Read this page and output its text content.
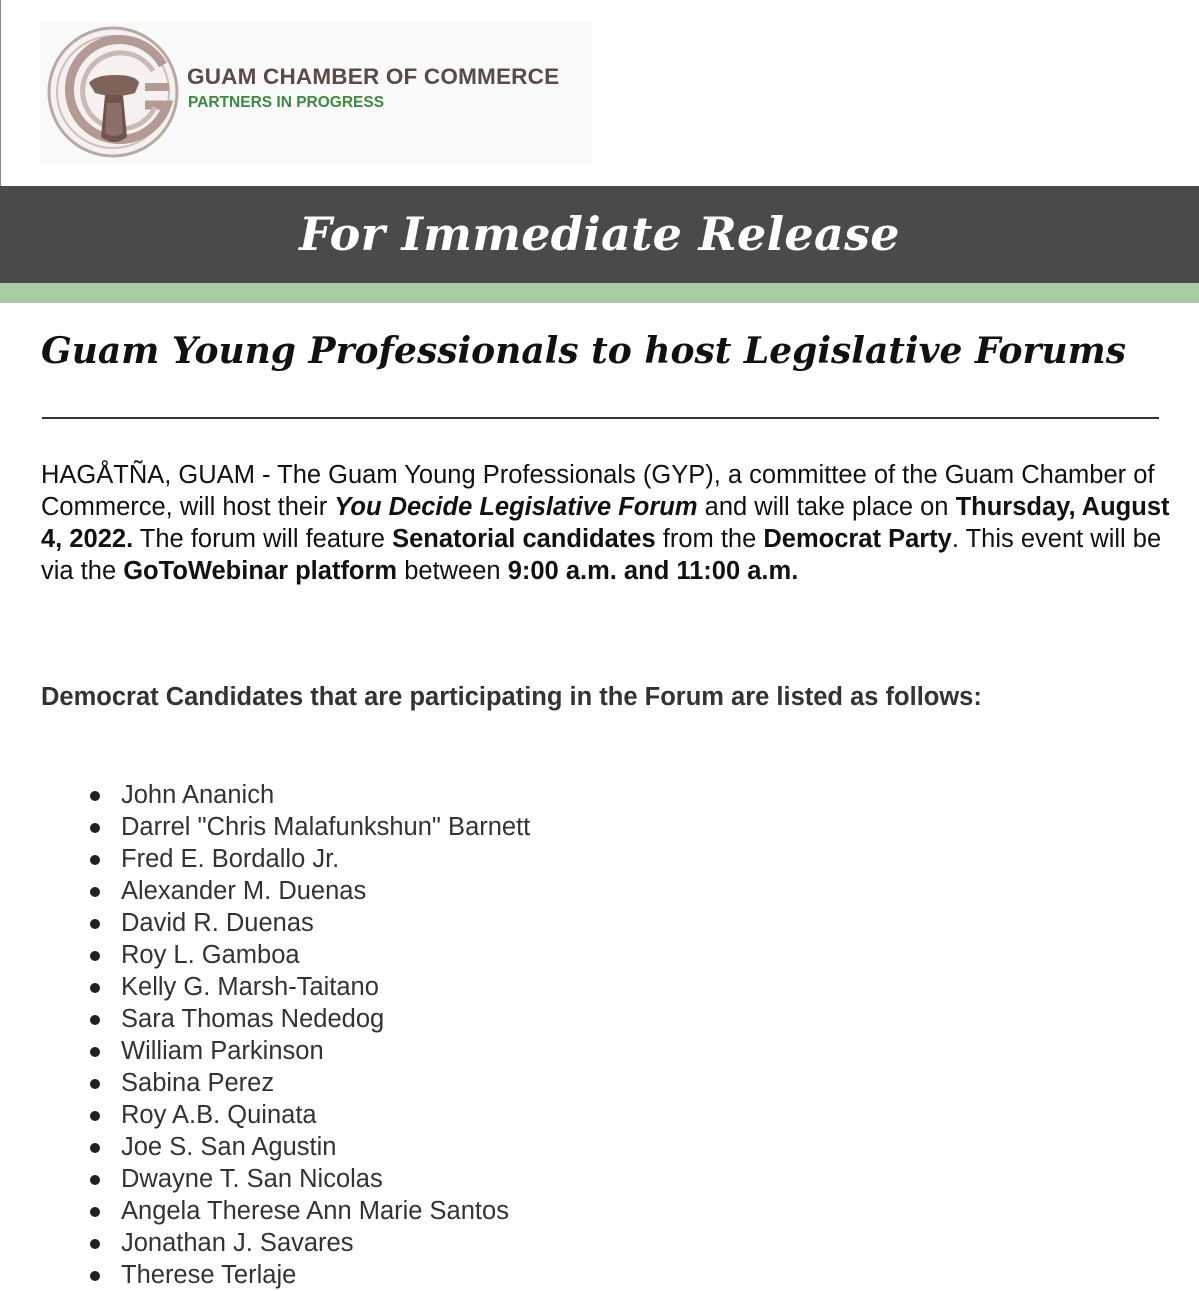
GUAM CHAMBER OF COMMERCE
PARTNERS IN PROGRESS
For Immediate Release
Guam Young Professionals to host Legislative Forums
HAGÅTÑA, GUAM - The Guam Young Professionals (GYP), a committee of the Guam Chamber of Commerce, will host their You Decide Legislative Forum and will take place on Thursday, August 4, 2022. The forum will feature Senatorial candidates from the Democrat Party. This event will be via the GoToWebinar platform between 9:00 a.m. and 11:00 a.m.
Democrat Candidates that are participating in the Forum are listed as follows:
John Ananich
Darrel "Chris Malafunkshun" Barnett
Fred E. Bordallo Jr.
Alexander M. Duenas
David R. Duenas
Roy L. Gamboa
Kelly G. Marsh-Taitano
Sara Thomas Nededog
William Parkinson
Sabina Perez
Roy A.B. Quinata
Joe S. San Agustin
Dwayne T. San Nicolas
Angela Therese Ann Marie Santos
Jonathan J. Savares
Therese Terlaje
